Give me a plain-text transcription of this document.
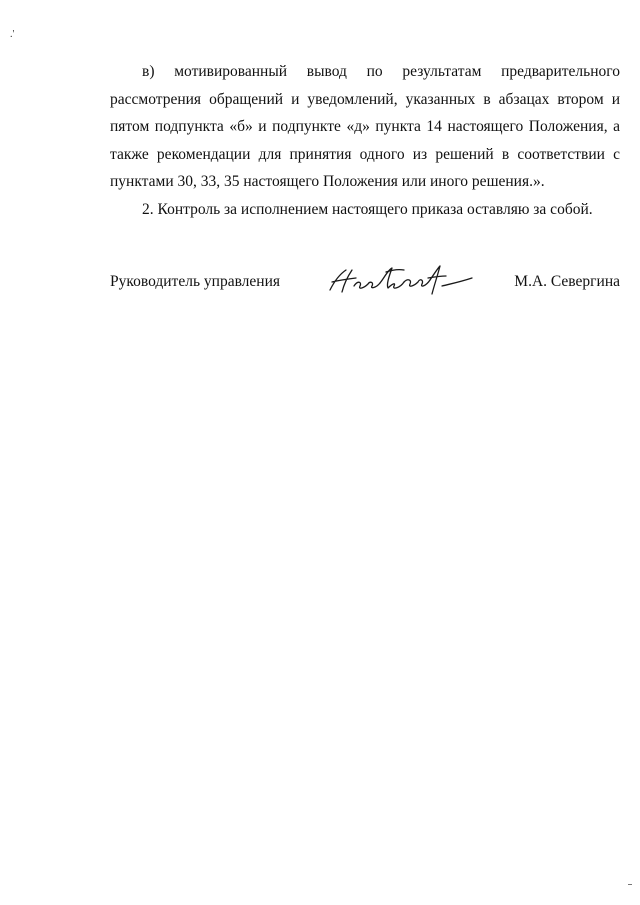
.'

в) мотивированный вывод по результатам предварительного рассмотрения обращений и уведомлений, указанных в абзацах втором и пятом подпункта «б» и подпункте «д» пункта 14 настоящего Положения, а также рекомендации для принятия одного из решений в соответствии с пунктами 30, 33, 35 настоящего Положения или иного решения.».

2. Контроль за исполнением настоящего приказа оставляю за собой.

Руководитель управления	М.А. Севергина
